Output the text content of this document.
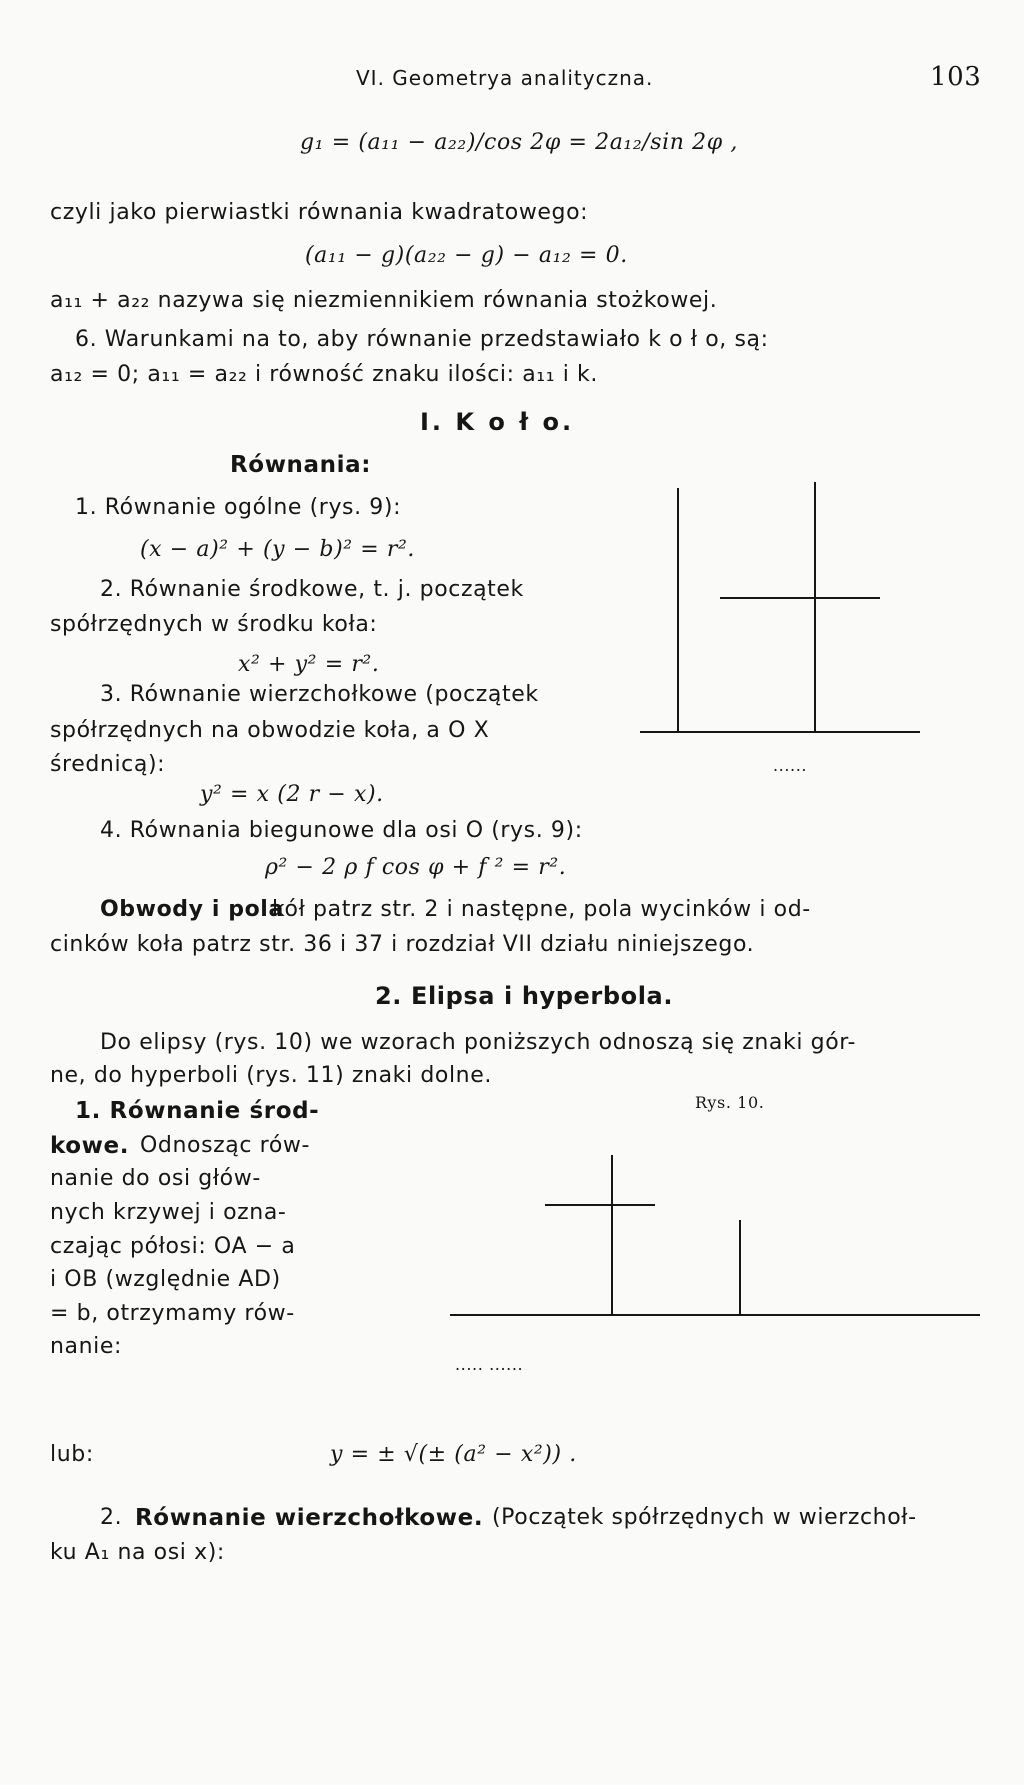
VI. Geometrya analityczna.	103
g₁ = (a₁₁ − a₂₂)/cos 2φ = 2a₁₂/sin 2φ ,
czyli jako pierwiastki równania kwadratowego:
(a₁₁ − g)(a₂₂ − g) − a₁₂ = 0.
a₁₁ + a₂₂ nazywa się niezmiennikiem równania stożkowej.
6. Warunkami na to, aby równanie przedstawiało k o ł o, są:
a₁₂ = 0; a₁₁ = a₂₂ i równość znaku ilości: a₁₁ i k.
I. K o ł o.
Równania:
1. Równanie ogólne (rys. 9):
(x − a)² + (y − b)² = r².
2. Równanie środkowe, t. j. początek
spółrzędnych w środku koła:
x² + y² = r².
3. Równanie wierzchołkowe (początek
spółrzędnych na obwodzie koła, a O X
średnicą):
y² = x (2 r − x).
4. Równania biegunowe dla osi O (rys. 9):
ρ² − 2 ρ f cos φ + f ² = r².
......
Obwody i pola
kół patrz str. 2 i następne, pola wycinków i od-
cinków koła patrz str. 36 i 37 i rozdział VII działu niniejszego.
2. Elipsa i hyperbola.
Do elipsy (rys. 10) we wzorach poniższych odnoszą się znaki gór-
ne, do hyperboli (rys. 11) znaki dolne.
1. Równanie środ-	Rys. 10.
kowe. Odnosząc rów-
nanie do osi głów-
nych krzywej i ozna-
czając półosi: OA − a
i OB (względnie AD)
= b, otrzymamy rów-
nanie:
..... ......
lub:	y = ± √(± (a² − x²)) .
2. Równanie wierzchołkowe. (Początek spółrzędnych w wierzchoł-
ku A₁ na osi x):
